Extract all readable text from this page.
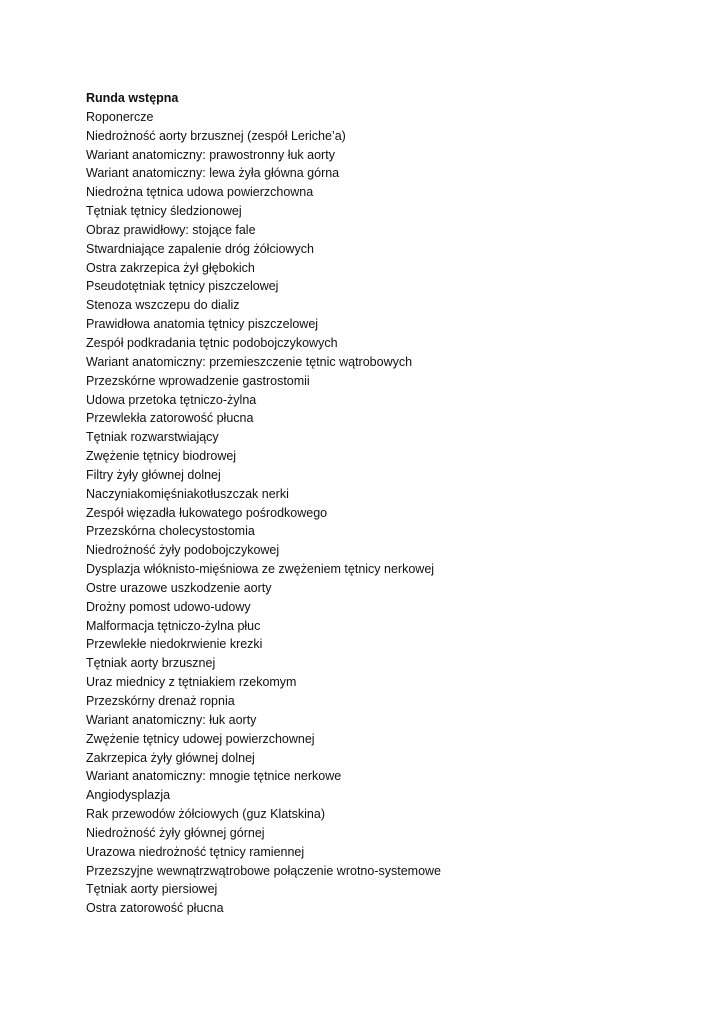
Runda wstępna
Roponercze
Niedrożność aorty brzusznej (zespół Leriche’a)
Wariant anatomiczny: prawostronny łuk aorty
Wariant anatomiczny: lewa żyła główna górna
Niedrożna tętnica udowa powierzchowna
Tętniak tętnicy śledzionowej
Obraz prawidłowy: stojące fale
Stwardniające zapalenie dróg żółciowych
Ostra zakrzepica żył głębokich
Pseudotętniak tętnicy piszczelowej
Stenoza wszczepu do dializ
Prawidłowa anatomia tętnicy piszczelowej
Zespół podkradania tętnic podobojczykowych
Wariant anatomiczny: przemieszczenie tętnic wątrobowych
Przezskórne wprowadzenie gastrostomii
Udowa przetoka tętniczo-żylna
Przewlekła zatorowość płucna
Tętniak rozwarstwiający
Zwężenie tętnicy biodrowej
Filtry żyły głównej dolnej
Naczyniakomięśniakotłuszczak nerki
Zespół więzadła łukowatego pośrodkowego
Przezskórna cholecystostomia
Niedrożność żyły podobojczykowej
Dysplazja włóknisto-mięśniowa ze zwężeniem tętnicy nerkowej
Ostre urazowe uszkodzenie aorty
Drożny pomost udowo-udowy
Malformacja tętniczo-żylna płuc
Przewlekłe niedokrwienie krezki
Tętniak aorty brzusznej
Uraz miednicy z tętniakiem rzekomym
Przezskórny drenaż ropnia
Wariant anatomiczny: łuk aorty
Zwężenie tętnicy udowej powierzchownej
Zakrzepica żyły głównej dolnej
Wariant anatomiczny: mnogie tętnice nerkowe
Angiodysplazja
Rak przewodów żółciowych (guz Klatskina)
Niedrożność żyły głównej górnej
Urazowa niedrożność tętnicy ramiennej
Przezszyjne wewnątrzwątrobowe połączenie wrotno-systemowe
Tętniak aorty piersiowej
Ostra zatorowość płucna
